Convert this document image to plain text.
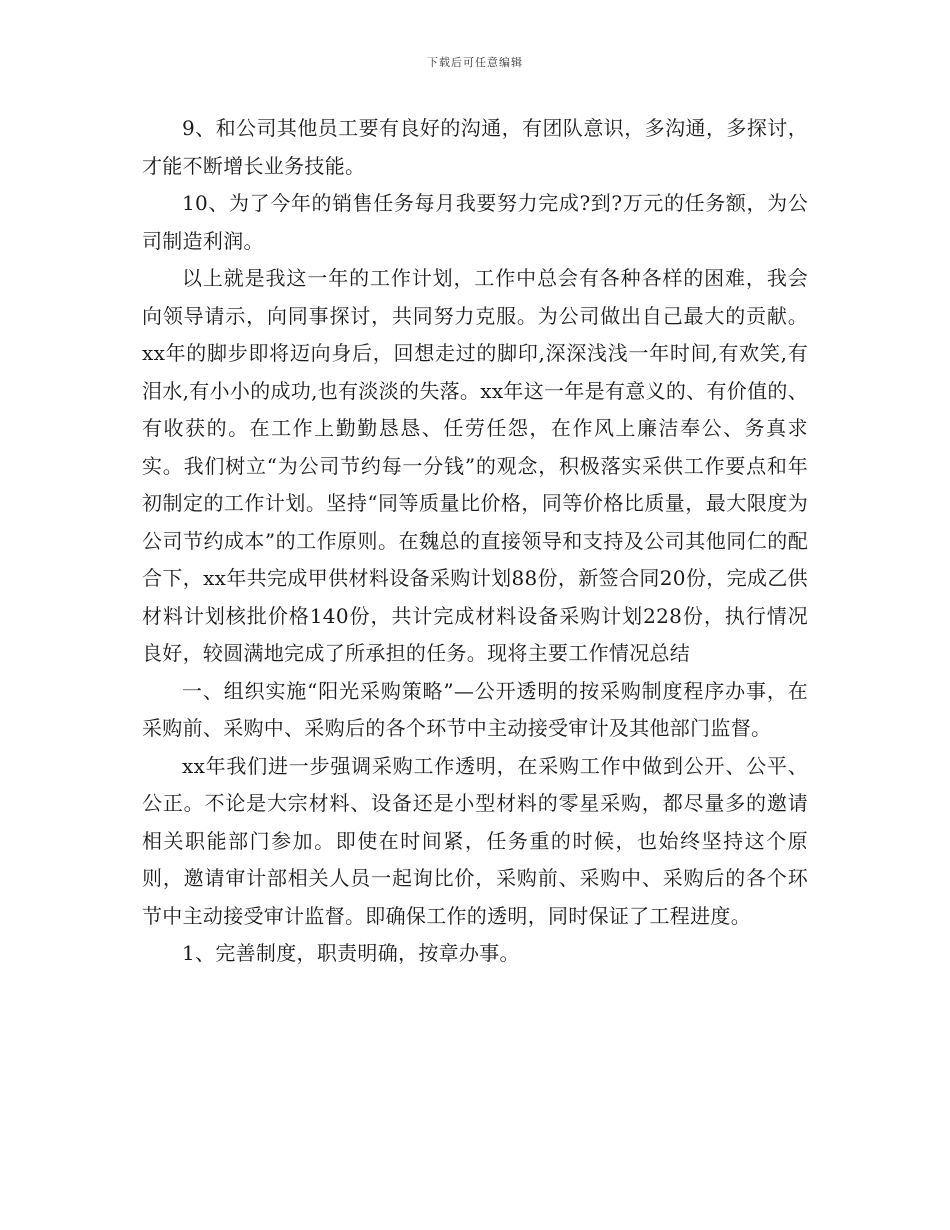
下载后可任意编辑

9、和公司其他员工要有良好的沟通，有团队意识，多沟通，多探讨，才能不断增长业务技能。

10、为了今年的销售任务每月我要努力完成?到?万元的任务额，为公司制造利润。

以上就是我这一年的工作计划，工作中总会有各种各样的困难，我会向领导请示，向同事探讨，共同努力克服。为公司做出自己最大的贡献。 xx年的脚步即将迈向身后，回想走过的脚印,深深浅浅一年时间,有欢笑,有泪水,有小小的成功,也有淡淡的失落。xx年这一年是有意义的、有价值的、有收获的。在工作上勤勤恳恳、任劳任怨，在作风上廉洁奉公、务真求实。我们树立“为公司节约每一分钱”的观念，积极落实采供工作要点和年初制定的工作计划。坚持“同等质量比价格，同等价格比质量，最大限度为公司节约成本”的工作原则。在魏总的直接领导和支持及公司其他同仁的配合下，xx年共完成甲供材料设备采购计划88份，新签合同20份，完成乙供材料计划核批价格140份，共计完成材料设备采购计划228份，执行情况良好，较圆满地完成了所承担的任务。现将主要工作情况总结

一、组织实施“阳光采购策略”—公开透明的按采购制度程序办事，在采购前、采购中、采购后的各个环节中主动接受审计及其他部门监督。

xx年我们进一步强调采购工作透明，在采购工作中做到公开、公平、公正。不论是大宗材料、设备还是小型材料的零星采购，都尽量多的邀请相关职能部门参加。即使在时间紧，任务重的时候，也始终坚持这个原则，邀请审计部相关人员一起询比价，采购前、采购中、采购后的各个环节中主动接受审计监督。即确保工作的透明，同时保证了工程进度。

1、完善制度，职责明确，按章办事。
